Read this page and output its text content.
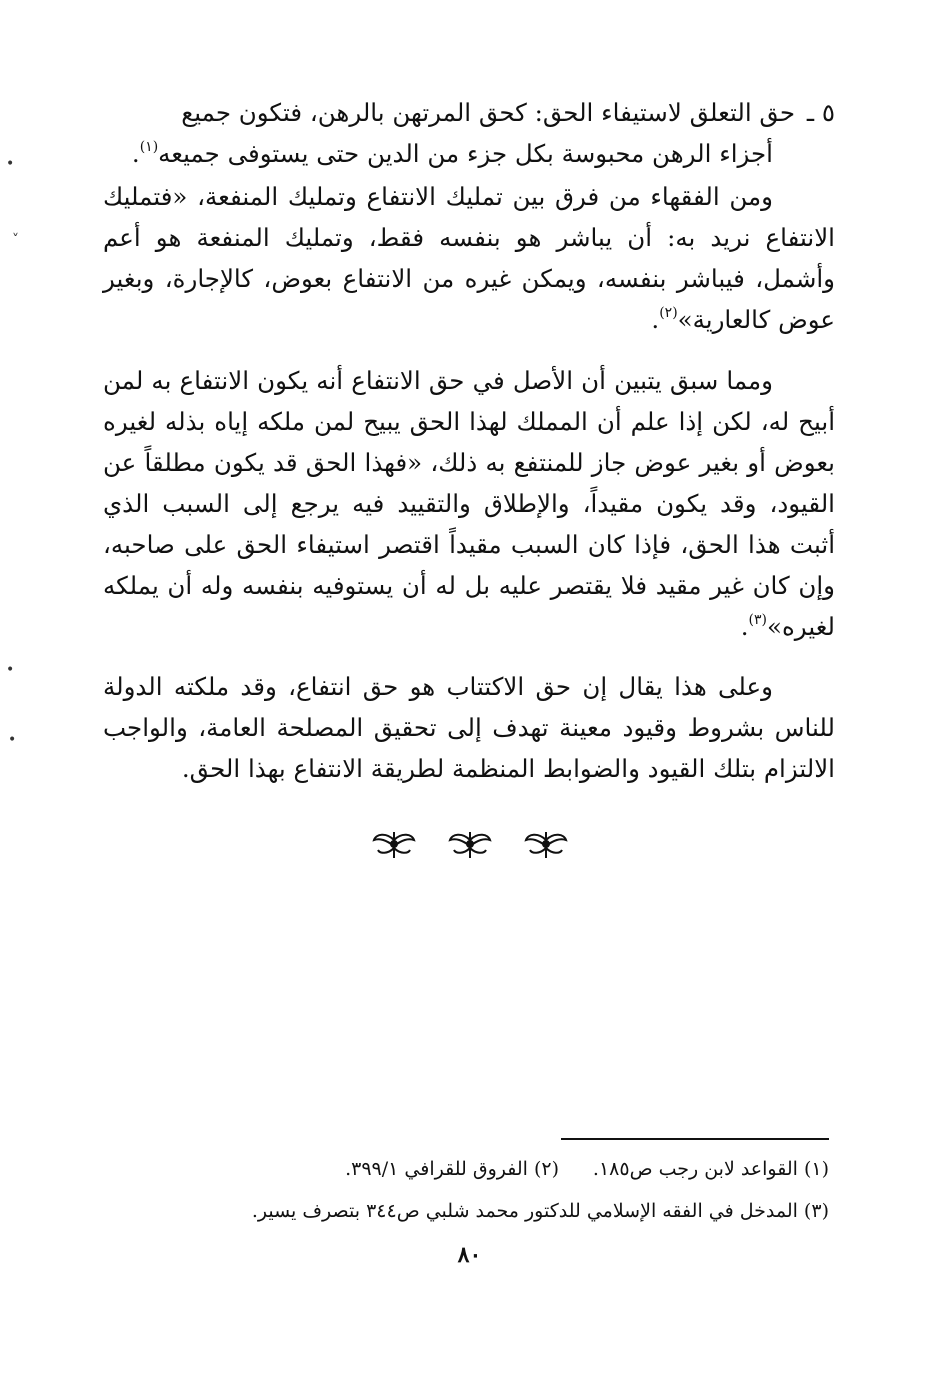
٥ ـحق التعلق لاستيفاء الحق: كحق المرتهن بالرهن، فتكون جميع
أجزاء الرهن محبوسة بكل جزء من الدين حتى يستوفى جميعه$^{(١)}$.
ومن الفقهاء من فرق بين تمليك الانتفاع وتمليك المنفعة، «فتمليك الانتفاع نريد به: أن يباشر هو بنفسه فقط، وتمليك المنفعة هو أعم وأشمل، فيباشر بنفسه، ويمكن غيره من الانتفاع بعوض، كالإجارة، وبغير عوض كالعارية»$^{(٢)}$.
ومما سبق يتبين أن الأصل في حق الانتفاع أنه يكون الانتفاع به لمن أبيح له، لكن إذا علم أن المملك لهذا الحق يبيح لمن ملكه إياه بذله لغيره بعوض أو بغير عوض جاز للمنتفع به ذلك، «فهذا الحق قد يكون مطلقاً عن القيود، وقد يكون مقيداً، والإطلاق والتقييد فيه يرجع إلى السبب الذي أثبت هذا الحق، فإذا كان السبب مقيداً اقتصر استيفاء الحق على صاحبه، وإن كان غير مقيد فلا يقتصر عليه بل له أن يستوفيه بنفسه وله أن يملكه لغيره»$^{(٣)}$.
وعلى هذا يقال إن حق الاكتتاب هو حق انتفاع، وقد ملكته الدولة للناس بشروط وقيود معينة تهدف إلى تحقيق المصلحة العامة، والواجب الالتزام بتلك القيود والضوابط المنظمة لطريقة الانتفاع بهذا الحق.
(١) القواعد لابن رجب ص١٨٥.
(٢) الفروق للقرافي ٣٩٩/١.
(٣) المدخل في الفقه الإسلامي للدكتور محمد شلبي ص٣٤٤ بتصرف يسير.
٨٠
•
˅
•
•
